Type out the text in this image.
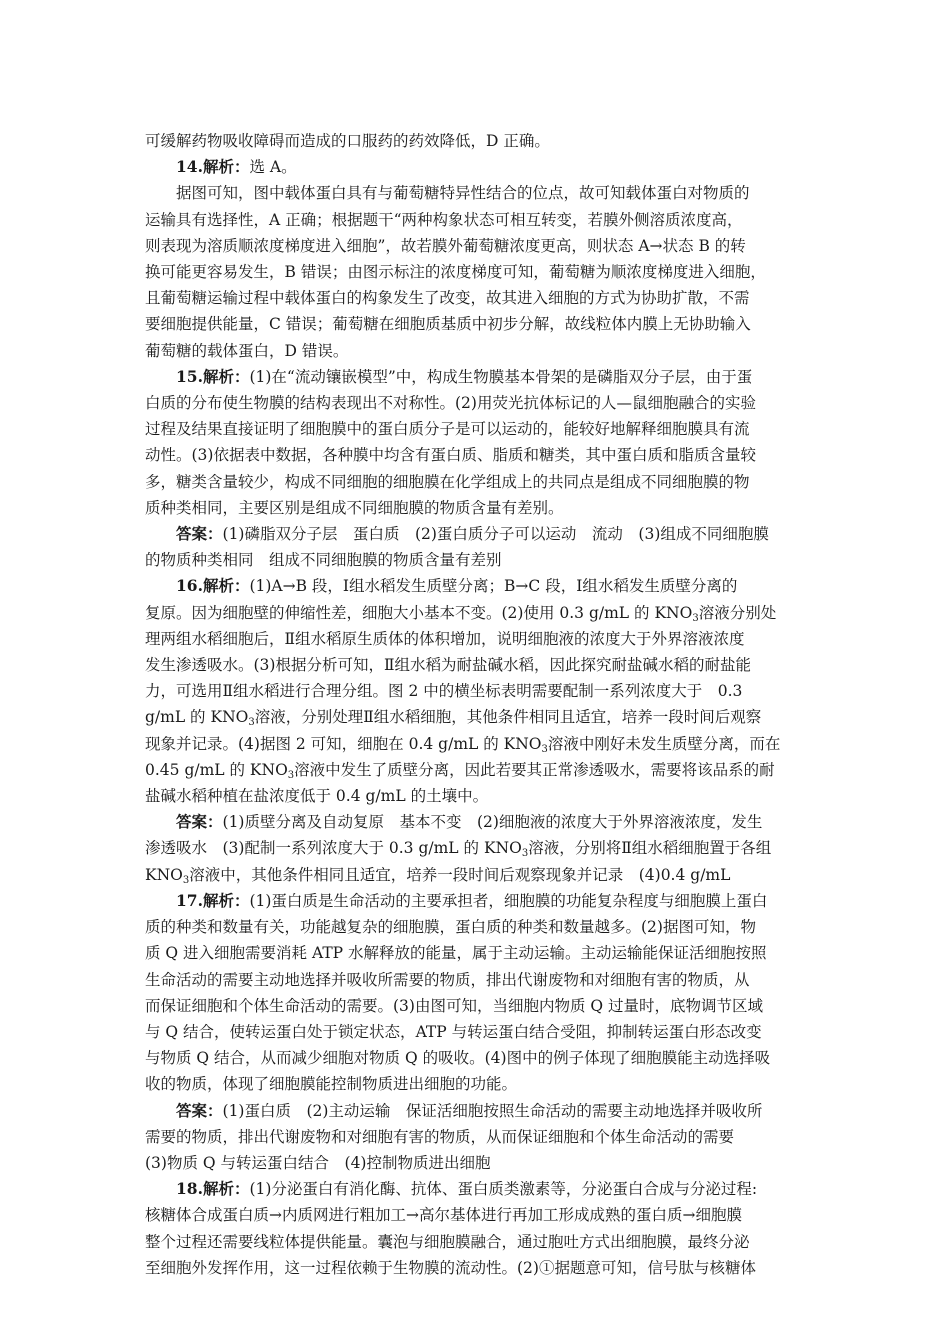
可缓解药物吸收障碍而造成的口服药的药效降低，D 正确。

14.解析：选 A。

据图可知，图中载体蛋白具有与葡萄糖特异性结合的位点，故可知载体蛋白对物质的

运输具有选择性，A 正确；根据题干“两种构象状态可相互转变，若膜外侧溶质浓度高，

则表现为溶质顺浓度梯度进入细胞”，故若膜外葡萄糖浓度更高，则状态 A→状态 B 的转

换可能更容易发生，B 错误；由图示标注的浓度梯度可知，葡萄糖为顺浓度梯度进入细胞，

且葡萄糖运输过程中载体蛋白的构象发生了改变，故其进入细胞的方式为协助扩散，不需

要细胞提供能量，C 错误；葡萄糖在细胞质基质中初步分解，故线粒体内膜上无协助输入

葡萄糖的载体蛋白，D 错误。

15.解析：(1)在“流动镶嵌模型”中，构成生物膜基本骨架的是磷脂双分子层，由于蛋

白质的分布使生物膜的结构表现出不对称性。(2)用荧光抗体标记的人—鼠细胞融合的实验

过程及结果直接证明了细胞膜中的蛋白质分子是可以运动的，能较好地解释细胞膜具有流

动性。(3)依据表中数据，各种膜中均含有蛋白质、脂质和糖类，其中蛋白质和脂质含量较

多，糖类含量较少，构成不同细胞的细胞膜在化学组成上的共同点是组成不同细胞膜的物

质种类相同，主要区别是组成不同细胞膜的物质含量有差别。

答案：(1)磷脂双分子层　蛋白质　(2)蛋白质分子可以运动　流动　(3)组成不同细胞膜

的物质种类相同　组成不同细胞膜的物质含量有差别

16.解析：(1)A→B 段，Ⅰ组水稻发生质壁分离；B→C 段，Ⅰ组水稻发生质壁分离的

复原。因为细胞壁的伸缩性差，细胞大小基本不变。(2)使用 0.3 g/mL 的 $KNO_3$溶液分别处

理两组水稻细胞后，Ⅱ组水稻原生质体的体积增加，说明细胞液的浓度大于外界溶液浓度

发生渗透吸水。(3)根据分析可知，Ⅱ组水稻为耐盐碱水稻，因此探究耐盐碱水稻的耐盐能

力，可选用Ⅱ组水稻进行合理分组。图 2 中的横坐标表明需要配制一系列浓度大于　0.3

g/mL 的 $KNO_3$溶液，分别处理Ⅱ组水稻细胞，其他条件相同且适宜，培养一段时间后观察

现象并记录。(4)据图 2 可知，细胞在 0.4 g/mL 的 $KNO_3$溶液中刚好未发生质壁分离，而在

0.45 g/mL 的 $KNO_3$溶液中发生了质壁分离，因此若要其正常渗透吸水，需要将该品系的耐

盐碱水稻种植在盐浓度低于 0.4 g/mL 的土壤中。

答案：(1)质壁分离及自动复原　基本不变　(2)细胞液的浓度大于外界溶液浓度，发生

渗透吸水　(3)配制一系列浓度大于 0.3 g/mL 的 $KNO_3$溶液，分别将Ⅱ组水稻细胞置于各组

$KNO_3$溶液中，其他条件相同且适宜，培养一段时间后观察现象并记录　(4)0.4 g/mL

17.解析：(1)蛋白质是生命活动的主要承担者，细胞膜的功能复杂程度与细胞膜上蛋白

质的种类和数量有关，功能越复杂的细胞膜，蛋白质的种类和数量越多。(2)据图可知，物

质 Q 进入细胞需要消耗 ATP 水解释放的能量，属于主动运输。主动运输能保证活细胞按照

生命活动的需要主动地选择并吸收所需要的物质，排出代谢废物和对细胞有害的物质，从

而保证细胞和个体生命活动的需要。(3)由图可知，当细胞内物质 Q 过量时，底物调节区域

与 Q 结合，使转运蛋白处于锁定状态，ATP 与转运蛋白结合受阻，抑制转运蛋白形态改变

与物质 Q 结合，从而减少细胞对物质 Q 的吸收。(4)图中的例子体现了细胞膜能主动选择吸

收的物质，体现了细胞膜能控制物质进出细胞的功能。

答案：(1)蛋白质　(2)主动运输　保证活细胞按照生命活动的需要主动地选择并吸收所

需要的物质，排出代谢废物和对细胞有害的物质，从而保证细胞和个体生命活动的需要

(3)物质 Q 与转运蛋白结合　(4)控制物质进出细胞

18.解析：(1)分泌蛋白有消化酶、抗体、蛋白质类激素等，分泌蛋白合成与分泌过程:

核糖体合成蛋白质→内质网进行粗加工→高尔基体进行再加工形成成熟的蛋白质→细胞膜

整个过程还需要线粒体提供能量。囊泡与细胞膜融合，通过胞吐方式出细胞膜，最终分泌

至细胞外发挥作用，这一过程依赖于生物膜的流动性。(2)①据题意可知，信号肽与核糖体
